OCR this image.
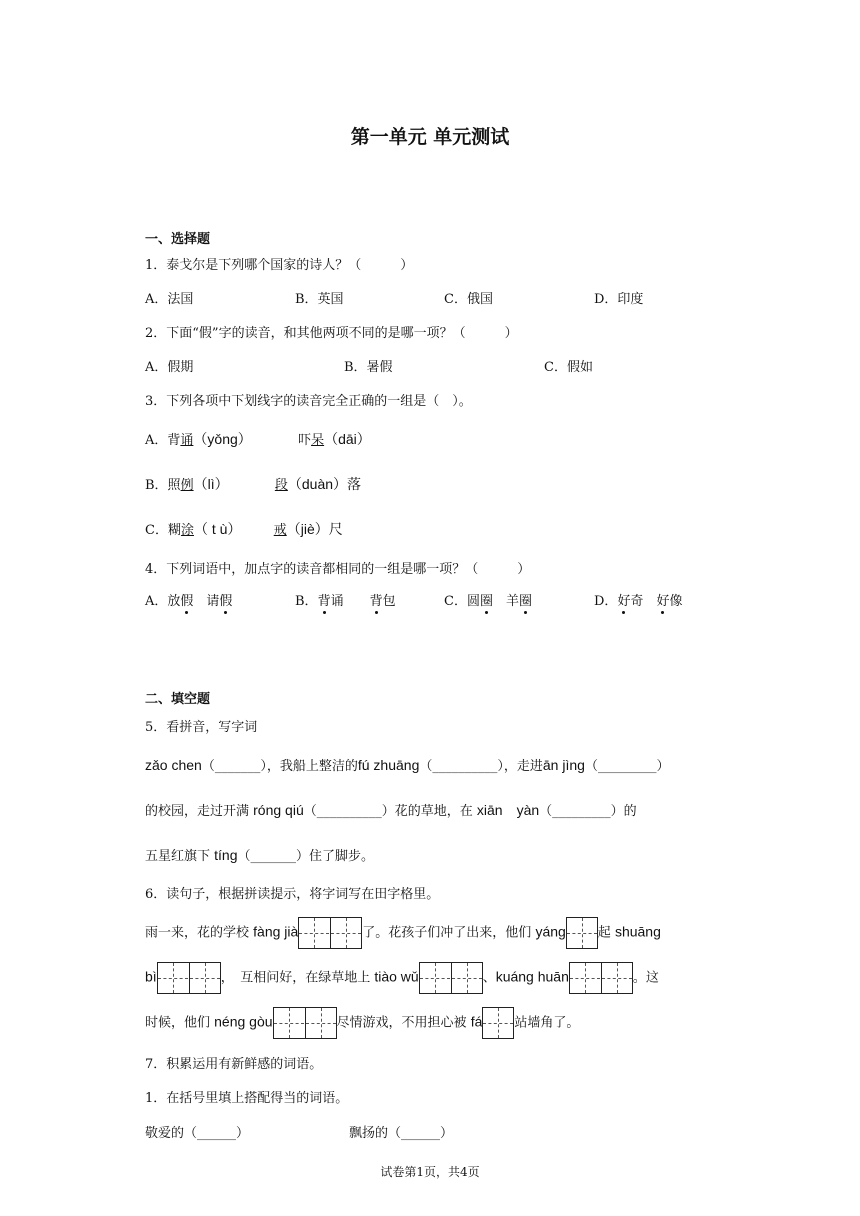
第一单元 单元测试
一、选择题
1．泰戈尔是下列哪个国家的诗人？（　　　）
A．法国	B．英国	C．俄国	D．印度
2．下面“假”字的读音，和其他两项不同的是哪一项？（　　　）
A．假期	B．暑假	C．假如
3．下列各项中下划线字的读音完全正确的一组是（　）。
A．背诵（yǒng）	吓呆（dāi）
B．照例（lì）	段（duàn）落
C．糊涂（ t ù） 戒（jiè）尺
4．下列词语中，加点字的读音都相同的一组是哪一项？（　　　）
A．放假　请假	B．背诵　　背包	C．圆圈　羊圈	D．好奇　好像
二、填空题
5．看拼音，写字词
zǎo chen（_______），我船上整洁的fú zhuāng（__________），走进ān jìng（_________）
的校园，走过开满 róng qiú（__________）花的草地，在 xiān　yàn（_________）的
五星红旗下 tíng（_______）住了脚步。
6．读句子，根据拼读提示，将字词写在田字格里。
雨一来，花的学校 fàng jià	了。花孩子们冲了出来，他们 yáng 起 shuāng
bì	，　互相问好，在绿草地上 tiào wǔ	、kuáng huān	。这
时候，他们 néng gòu	尽情游戏，不用担心被 fá 站墙角了。
7．积累运用有新鲜感的词语。
1．在括号里填上搭配得当的词语。
敬爱的（______）	飘扬的（______）
试卷第1页，共4页
